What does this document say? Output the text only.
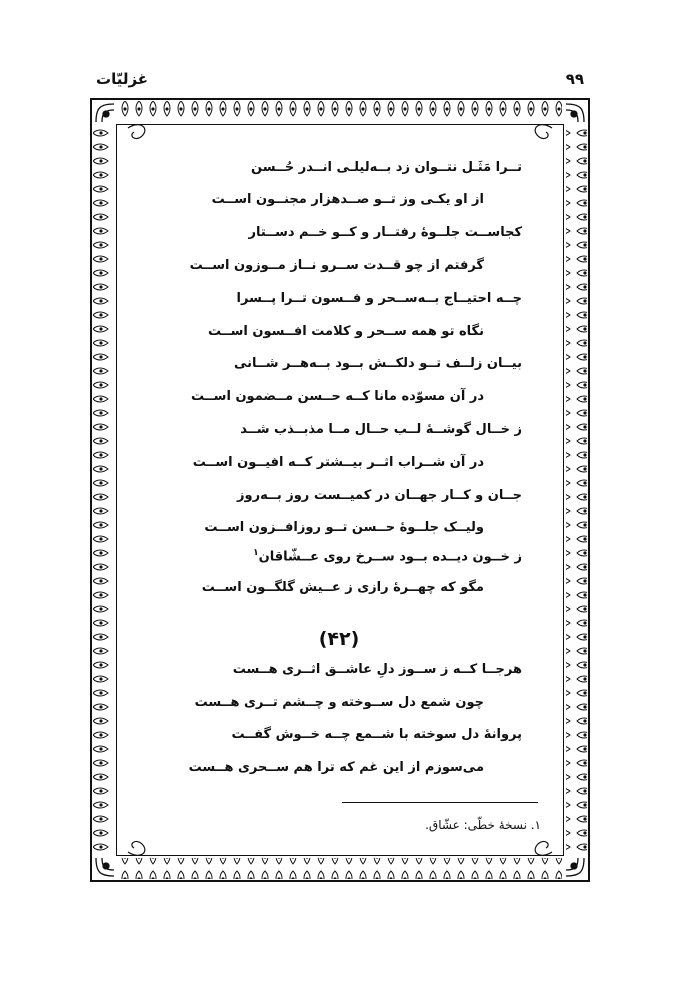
۹۹
غزلیّات
تــرا مَثَـل نتــوان زد بــه‌لیلـی انــدر حُــسن
از او یکـی وز تــو صــدهزار مجنــون اســت
کجاســت جلــوهٔ رفتــار و کــو خــم دســتار
گرفتم از چو قــدت ســرو نــاز مــوزون اســت
چــه احتیــاج بــه‌ســحر و فــسون تــرا پــسرا
نگاه تو همه ســحر و کلامت افــسون اســت
بیــان زلــف تــو دلکــش بــود بــه‌هــر شــانی
در آن مسوّده مانا کــه حــسن مــضمون اســت
ز خــال گوشــهٔ لــب حــال مــا مذبــذب شــد
در آن شــراب اثــر بیــشتر کــه افیــون اســت
جــان و کــار جهــان در کمیــست روز بــه‌روز
ولیــک جلــوهٔ حــسن تــو روزافــزون اســت
ز خــون دیــده بــود ســرخ روی عــشّاقان$^۱$
مگو که چهــرهٔ رازی ز عــیش گلگــون اســت
(۴۲)
هرجــا کــه ز ســوز دلِ عاشــق اثــری هــست
چون شمع دل ســوخته و چــشم تــری هــست
پروانهٔ دل سوخته با شــمع چــه خــوش گفــت
می‌سوزم از این غم که ترا هم ســحری هــست
۱. نسخهٔ خطّی: عشّاق.
